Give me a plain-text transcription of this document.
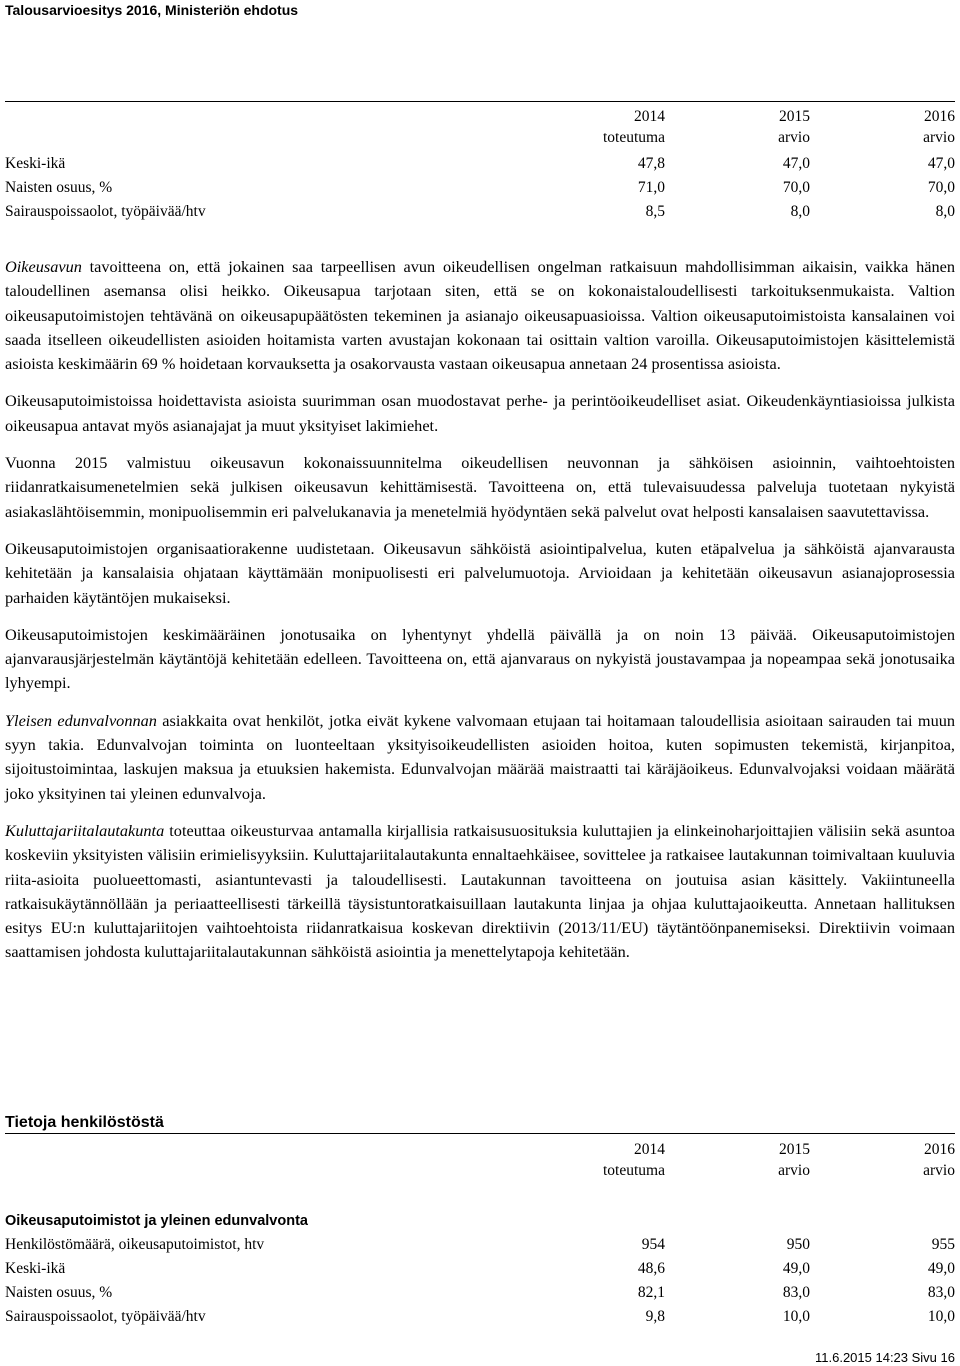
Talousarvioesitys 2016, Ministeriön ehdotus
2014	2015	2016
toteutuma	arvio	arvio
Keski-ikä	47,8	47,0	47,0
Naisten osuus, %	71,0	70,0	70,0
Sairauspoissaolot, työpäivää/htv	8,5	8,0	8,0

Oikeusavun tavoitteena on, että jokainen saa tarpeellisen avun oikeudellisen ongelman ratkaisuun mahdollisimman aikaisin, vaikka hänen taloudellinen asemansa olisi heikko. Oikeusapua tarjotaan siten, että se on kokonaistaloudellisesti tarkoituksenmukaista. Valtion oikeusaputoimistojen tehtävänä on oikeusapupäätösten tekeminen ja asianajo oikeusapuasioissa. Valtion oikeusaputoimistoista kansalainen voi saada itselleen oikeudellisten asioiden hoitamista varten avustajan kokonaan tai osittain valtion varoilla. Oikeusaputoimistojen käsittelemistä asioista keskimäärin 69 % hoidetaan korvauksetta ja osakorvausta vastaan oikeusapua annetaan 24 prosentissa asioista.

Oikeusaputoimistoissa hoidettavista asioista suurimman osan muodostavat perhe- ja perintöoikeudelliset asiat. Oikeudenkäyntiasioissa julkista oikeusapua antavat myös asianajajat ja muut yksityiset lakimiehet.

Vuonna 2015 valmistuu oikeusavun kokonaissuunnitelma oikeudellisen neuvonnan ja sähköisen asioinnin, vaihtoehtoisten riidanratkaisumenetelmien sekä julkisen oikeusavun kehittämisestä. Tavoitteena on, että tulevaisuudessa palveluja tuotetaan nykyistä asiakaslähtöisemmin, monipuolisemmin eri palvelukanavia ja menetelmiä hyödyntäen sekä palvelut ovat helposti kansalaisen saavutettavissa.

Oikeusaputoimistojen organisaatiorakenne uudistetaan. Oikeusavun sähköistä asiointipalvelua, kuten etäpalvelua ja sähköistä ajanvarausta kehitetään ja kansalaisia ohjataan käyttämään monipuolisesti eri palvelumuotoja. Arvioidaan ja kehitetään oikeusavun asianajoprosessia parhaiden käytäntöjen mukaiseksi.

Oikeusaputoimistojen keskimääräinen jonotusaika on lyhentynyt yhdellä päivällä ja on noin 13 päivää. Oikeusaputoimistojen ajanvarausjärjestelmän käytäntöjä kehitetään edelleen. Tavoitteena on, että ajanvaraus on nykyistä joustavampaa ja nopeampaa sekä jonotusaika lyhyempi.

Yleisen edunvalvonnan asiakkaita ovat henkilöt, jotka eivät kykene valvomaan etujaan tai hoitamaan taloudellisia asioitaan sairauden tai muun syyn takia. Edunvalvojan toiminta on luonteeltaan yksityisoikeudellisten asioiden hoitoa, kuten sopimusten tekemistä, kirjanpitoa, sijoitustoimintaa, laskujen maksua ja etuuksien hakemista. Edunvalvojan määrää maistraatti tai käräjäoikeus. Edunvalvojaksi voidaan määrätä joko yksityinen tai yleinen edunvalvoja.

Kuluttajariitalautakunta toteuttaa oikeusturvaa antamalla kirjallisia ratkaisusuosituksia kuluttajien ja elinkeinoharjoittajien välisiin sekä asuntoa koskeviin yksityisten välisiin erimielisyyksiin. Kuluttajariitalautakunta ennaltaehkäisee, sovittelee ja ratkaisee lautakunnan toimivaltaan kuuluvia riita-asioita puolueettomasti, asiantuntevasti ja taloudellisesti. Lautakunnan tavoitteena on joutuisa asian käsittely. Vakiintuneella ratkaisukäytännöllään ja periaatteellisesti tärkeillä täysistuntoratkaisuillaan lautakunta linjaa ja ohjaa kuluttajaoikeutta. Annetaan hallituksen esitys EU:n kuluttajariitojen vaihtoehtoista riidanratkaisua koskevan direktiivin (2013/11/EU) täytäntöönpanemiseksi. Direktiivin voimaan saattamisen johdosta kuluttajariitalautakunnan sähköistä asiointia ja menettelytapoja kehitetään.

Tietoja henkilöstöstä
2014	2015	2016
toteutuma	arvio	arvio
Oikeusaputoimistot ja yleinen edunvalvonta
Henkilöstömäärä, oikeusaputoimistot, htv	954	950	955
Keski-ikä	48,6	49,0	49,0
Naisten osuus, %	82,1	83,0	83,0
Sairauspoissaolot, työpäivää/htv	9,8	10,0	10,0
11.6.2015 14:23 Sivu 16
